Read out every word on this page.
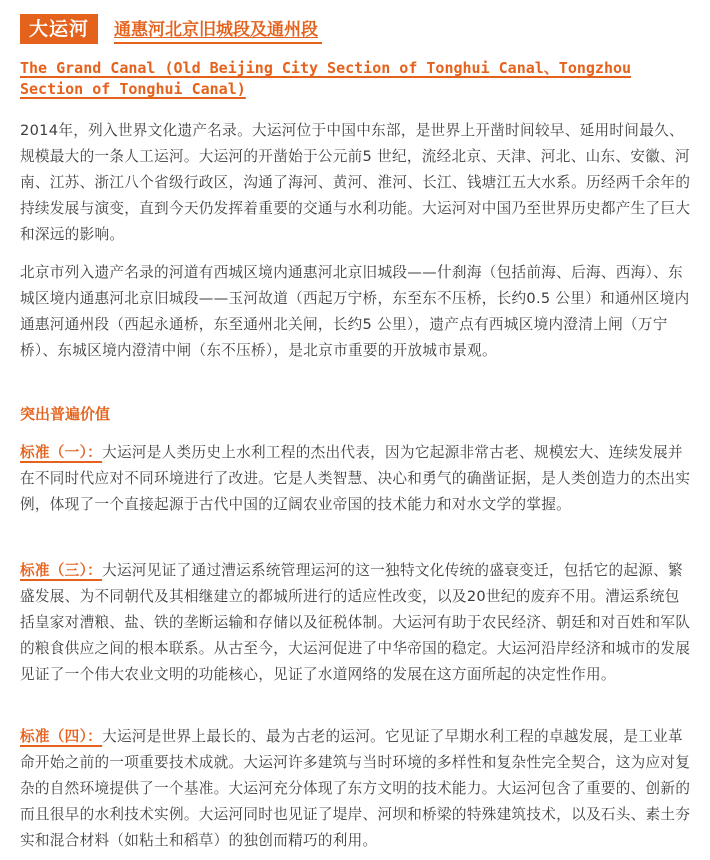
大运河	通惠河北京旧城段及通州段
The Grand Canal (Old Beijing City Section of Tonghui Canal、Tongzhou Section of Tonghui Canal)

2014年，列入世界文化遗产名录。大运河位于中国中东部，是世界上开凿时间较早、延用时间最久、规模最大的一条人工运河。大运河的开凿始于公元前5 世纪，流经北京、天津、河北、山东、安徽、河南、江苏、浙江八个省级行政区，沟通了海河、黄河、淮河、长江、钱塘江五大水系。历经两千余年的持续发展与演变，直到今天仍发挥着重要的交通与水利功能。大运河对中国乃至世界历史都产生了巨大和深远的影响。

北京市列入遗产名录的河道有西城区境内通惠河北京旧城段——什刹海（包括前海、后海、西海）、东城区境内通惠河北京旧城段——玉河故道（西起万宁桥，东至东不压桥，长约0.5 公里）和通州区境内通惠河通州段（西起永通桥，东至通州北关闸，长约5 公里），遗产点有西城区境内澄清上闸（万宁桥）、东城区境内澄清中闸（东不压桥），是北京市重要的开放城市景观。

突出普遍价值

标准（一）：大运河是人类历史上水利工程的杰出代表，因为它起源非常古老、规模宏大、连续发展并在不同时代应对不同环境进行了改进。它是人类智慧、决心和勇气的确凿证据，是人类创造力的杰出实例，体现了一个直接起源于古代中国的辽阔农业帝国的技术能力和对水文学的掌握。

标准（三）：大运河见证了通过漕运系统管理运河的这一独特文化传统的盛衰变迁，包括它的起源、繁盛发展、为不同朝代及其相继建立的都城所进行的适应性改变，以及20世纪的废弃不用。漕运系统包括皇家对漕粮、盐、铁的垄断运输和存储以及征税体制。大运河有助于农民经济、朝廷和对百姓和军队的粮食供应之间的根本联系。从古至今，大运河促进了中华帝国的稳定。大运河沿岸经济和城市的发展见证了一个伟大农业文明的功能核心，见证了水道网络的发展在这方面所起的决定性作用。

标准（四）：大运河是世界上最长的、最为古老的运河。它见证了早期水利工程的卓越发展，是工业革命开始之前的一项重要技术成就。大运河许多建筑与当时环境的多样性和复杂性完全契合，这为应对复杂的自然环境提供了一个基准。大运河充分体现了东方文明的技术能力。大运河包含了重要的、创新的而且很早的水利技术实例。大运河同时也见证了堤岸、河坝和桥梁的特殊建筑技术，以及石头、素土夯实和混合材料（如粘土和稻草）的独创而精巧的利用。
